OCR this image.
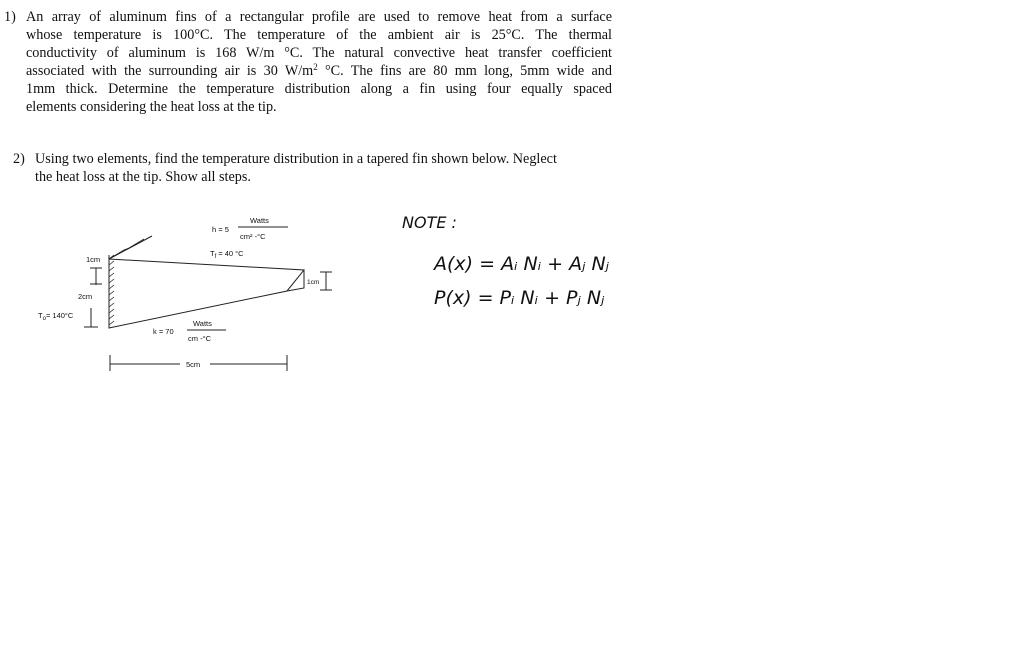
1) An array of aluminum fins of a rectangular profile are used to remove heat from a surface
whose temperature is 100°C. The temperature of the ambient air is 25°C. The thermal
conductivity of aluminum is 168 W/m °C. The natural convective heat transfer coefficient
associated with the surrounding air is 30 $W/m^2$ °C. The fins are 80 mm long, 5mm wide and
1mm thick. Determine the temperature distribution along a fin using four equally spaced
elements considering the heat loss at the tip.
2) Using two elements, find the temperature distribution in a tapered fin shown below. Neglect
the heat loss at the tip. Show all steps.
h = 5
Watts
cm² -°C
$T_f = 40$ °C
1cm
2cm
$T_o= 140^\circ C$
1cm
k = 70
Watts
cm -°C
5cm
NOTE :
A(x) = Aᵢ Nᵢ + Aⱼ Nⱼ
P(x) = Pᵢ Nᵢ + Pⱼ Nⱼ
